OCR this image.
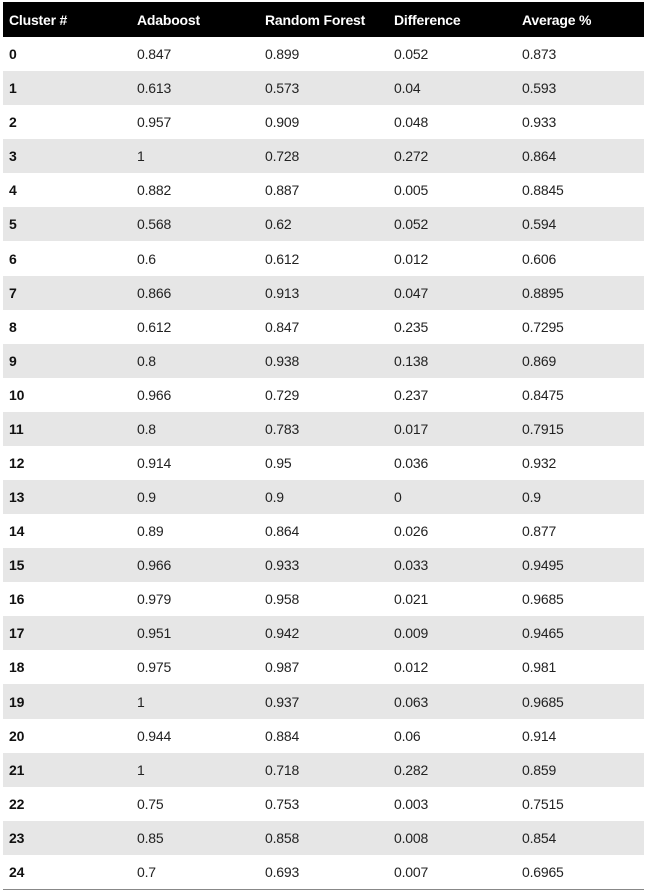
Cluster #	Adaboost	Random Forest	Difference	Average %
0	0.847	0.899	0.052	0.873
1	0.613	0.573	0.04	0.593
2	0.957	0.909	0.048	0.933
3	1	0.728	0.272	0.864
4	0.882	0.887	0.005	0.8845
5	0.568	0.62	0.052	0.594
6	0.6	0.612	0.012	0.606
7	0.866	0.913	0.047	0.8895
8	0.612	0.847	0.235	0.7295
9	0.8	0.938	0.138	0.869
10	0.966	0.729	0.237	0.8475
11	0.8	0.783	0.017	0.7915
12	0.914	0.95	0.036	0.932
13	0.9	0.9	0	0.9
14	0.89	0.864	0.026	0.877
15	0.966	0.933	0.033	0.9495
16	0.979	0.958	0.021	0.9685
17	0.951	0.942	0.009	0.9465
18	0.975	0.987	0.012	0.981
19	1	0.937	0.063	0.9685
20	0.944	0.884	0.06	0.914
21	1	0.718	0.282	0.859
22	0.75	0.753	0.003	0.7515
23	0.85	0.858	0.008	0.854
24	0.7	0.693	0.007	0.6965
